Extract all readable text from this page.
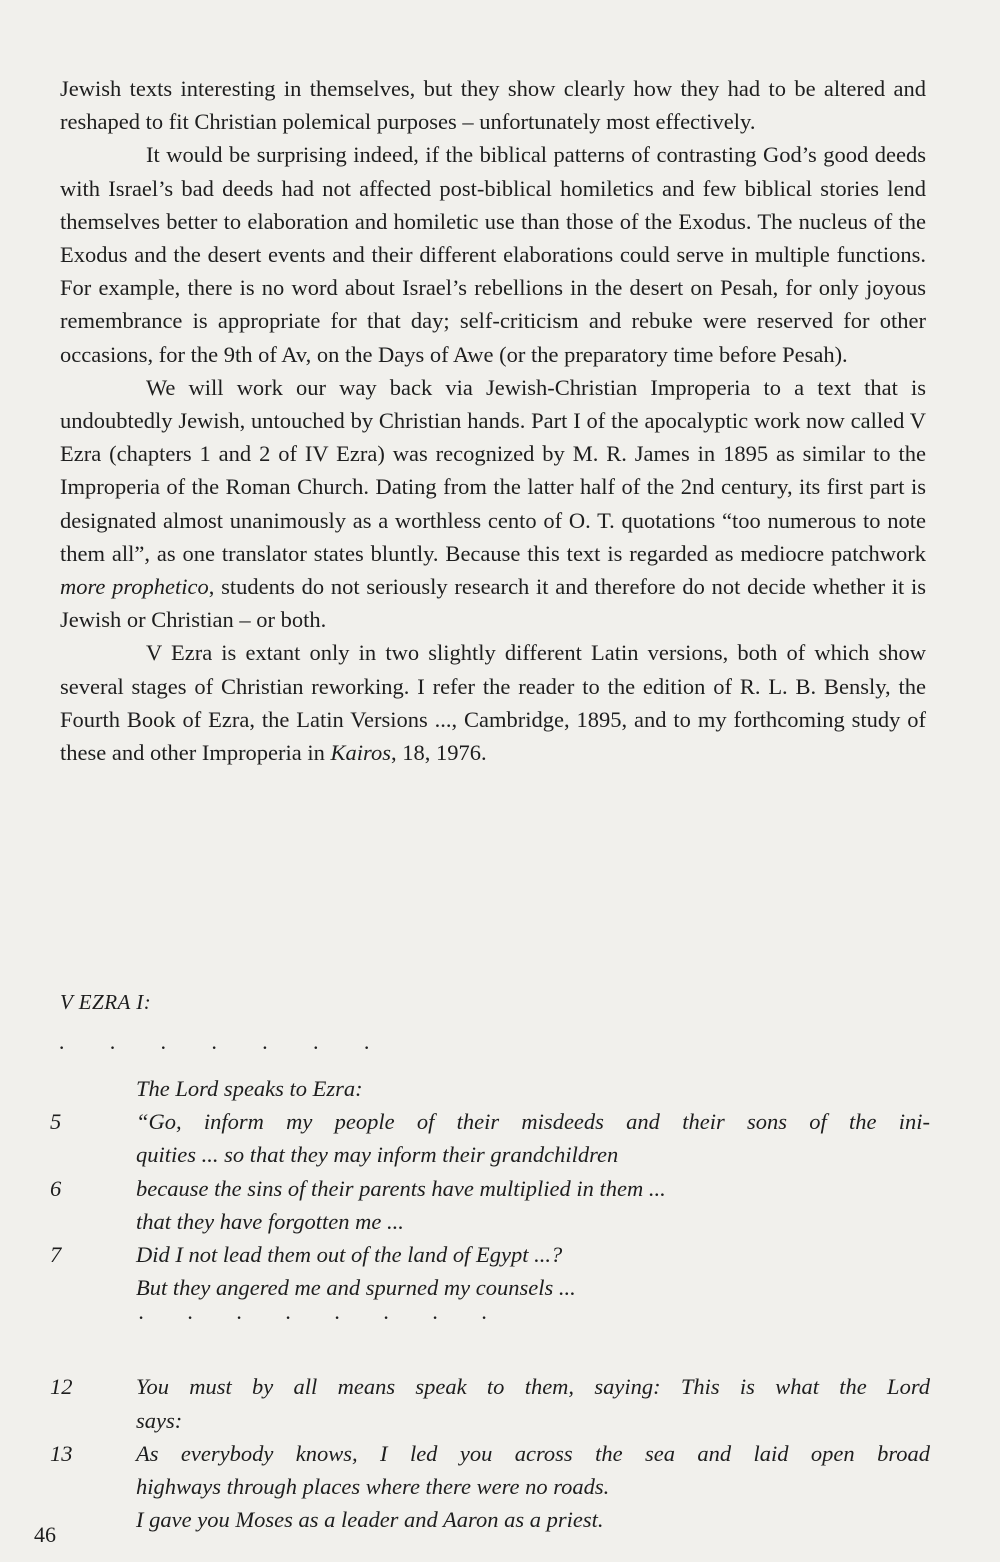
Jewish texts interesting in themselves, but they show clearly how they had to be altered and reshaped to fit Christian polemical purposes – unfortunately most effectively.

It would be surprising indeed, if the biblical patterns of contrasting God’s good deeds with Israel’s bad deeds had not affected post-biblical homiletics and few biblical stories lend themselves better to elaboration and homiletic use than those of the Exodus. The nucleus of the Exodus and the desert events and their different elaborations could serve in multiple functions. For example, there is no word about Israel’s rebellions in the desert on Pesah, for only joyous remembrance is appropriate for that day; self-criticism and rebuke were reserved for other occasions, for the 9th of Av, on the Days of Awe (or the preparatory time before Pesah).

We will work our way back via Jewish-Christian Improperia to a text that is undoubtedly Jewish, untouched by Christian hands. Part I of the apocalyptic work now called V Ezra (chapters 1 and 2 of IV Ezra) was recognized by M. R. James in 1895 as similar to the Improperia of the Roman Church. Dating from the latter half of the 2nd century, its first part is designated almost unanimously as a worthless cento of O. T. quotations “too numerous to note them all”, as one translator states bluntly. Because this text is regarded as mediocre patchwork more prophetico, students do not seriously research it and therefore do not decide whether it is Jewish or Christian – or both.

V Ezra is extant only in two slightly different Latin versions, both of which show several stages of Christian reworking. I refer the reader to the edition of R. L. B. Bensly, the Fourth Book of Ezra, the Latin Versions ..., Cambridge, 1895, and to my forthcoming study of these and other Improperia in Kairos, 18, 1976.

V EZRA I:
· · · · · · ·
The Lord speaks to Ezra:
5	“Go, inform my people of their misdeeds and their sons of the ini-
quities ... so that they may inform their grandchildren
6	because the sins of their parents have multiplied in them ...
that they have forgotten me ...
7	Did I not lead them out of the land of Egypt ...?
But they angered me and spurned my counsels ...
· · · · · · · ·
12	You must by all means speak to them, saying: This is what the Lord
says:
13	As everybody knows, I led you across the sea and laid open broad
highways through places where there were no roads.
I gave you Moses as a leader and Aaron as a priest.
46
